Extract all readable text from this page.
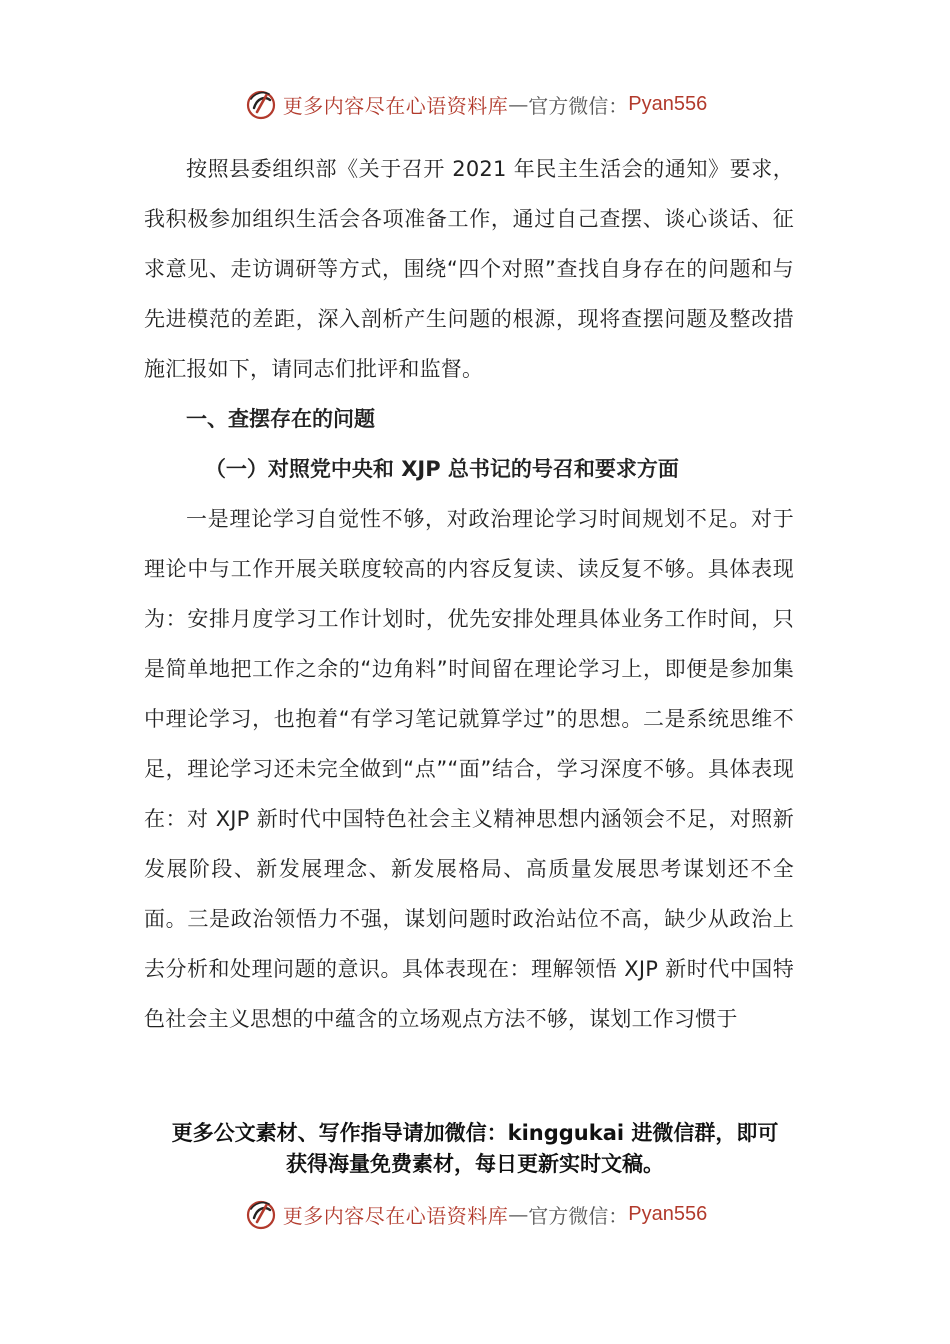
更多内容尽在心语资料库 — 官方微信： Pyan556

按照县委组织部《关于召开 2021 年民主生活会的通知》要求，我积极参加组织生活会各项准备工作，通过自己查摆、谈心谈话、征求意见、走访调研等方式，围绕“四个对照”查找自身存在的问题和与先进模范的差距，深入剖析产生问题的根源，现将查摆问题及整改措施汇报如下，请同志们批评和监督。

一、查摆存在的问题

（一）对照党中央和 XJP 总书记的号召和要求方面

一是理论学习自觉性不够，对政治理论学习时间规划不足。对于理论中与工作开展关联度较高的内容反复读、读反复不够。具体表现为：安排月度学习工作计划时，优先安排处理具体业务工作时间，只是简单地把工作之余的“边角料”时间留在理论学习上，即便是参加集中理论学习，也抱着“有学习笔记就算学过”的思想。二是系统思维不足，理论学习还未完全做到“点”“面”结合，学习深度不够。具体表现在：对 XJP 新时代中国特色社会主义精神思想内涵领会不足，对照新发展阶段、新发展理念、新发展格局、高质量发展思考谋划还不全面。三是政治领悟力不强，谋划问题时政治站位不高，缺少从政治上去分析和处理问题的意识。具体表现在：理解领悟 XJP 新时代中国特色社会主义思想的中蕴含的立场观点方法不够，谋划工作习惯于

更多公文素材、写作指导请加微信：kinggukai 进微信群，即可
获得海量免费素材，每日更新实时文稿。
更多内容尽在心语资料库 — 官方微信： Pyan556
